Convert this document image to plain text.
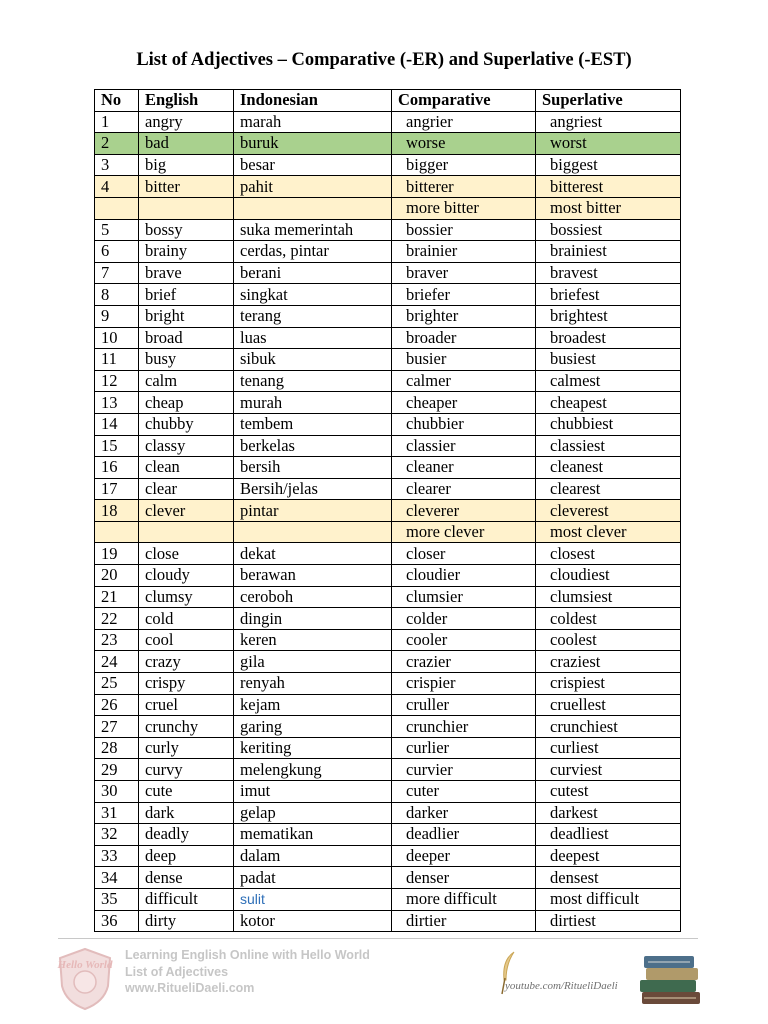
List of Adjectives – Comparative (-ER) and Superlative (-EST)
No	English	Indonesian	Comparative	Superlative
1	angry	marah	angrier	angriest
2	bad	buruk	worse	worst
3	big	besar	bigger	biggest
4	bitter	pahit	bitterer	bitterest
			more bitter	most bitter
5	bossy	suka memerintah	bossier	bossiest
6	brainy	cerdas, pintar	brainier	brainiest
7	brave	berani	braver	bravest
8	brief	singkat	briefer	briefest
9	bright	terang	brighter	brightest
10	broad	luas	broader	broadest
11	busy	sibuk	busier	busiest
12	calm	tenang	calmer	calmest
13	cheap	murah	cheaper	cheapest
14	chubby	tembem	chubbier	chubbiest
15	classy	berkelas	classier	classiest
16	clean	bersih	cleaner	cleanest
17	clear	Bersih/jelas	clearer	clearest
18	clever	pintar	cleverer	cleverest
			more clever	most clever
19	close	dekat	closer	closest
20	cloudy	berawan	cloudier	cloudiest
21	clumsy	ceroboh	clumsier	clumsiest
22	cold	dingin	colder	coldest
23	cool	keren	cooler	coolest
24	crazy	gila	crazier	craziest
25	crispy	renyah	crispier	crispiest
26	cruel	kejam	cruller	cruellest
27	crunchy	garing	crunchier	crunchiest
28	curly	keriting	curlier	curliest
29	curvy	melengkung	curvier	curviest
30	cute	imut	cuter	cutest
31	dark	gelap	darker	darkest
32	deadly	mematikan	deadlier	deadliest
33	deep	dalam	deeper	deepest
34	dense	padat	denser	densest
35	difficult	sulit	more difficult	most difficult
36	dirty	kotor	dirtier	dirtiest
Hello World
Learning English Online with Hello World
List of Adjectives
www.RitueliDaeli.com	youtube.com/RitueliDaeli
